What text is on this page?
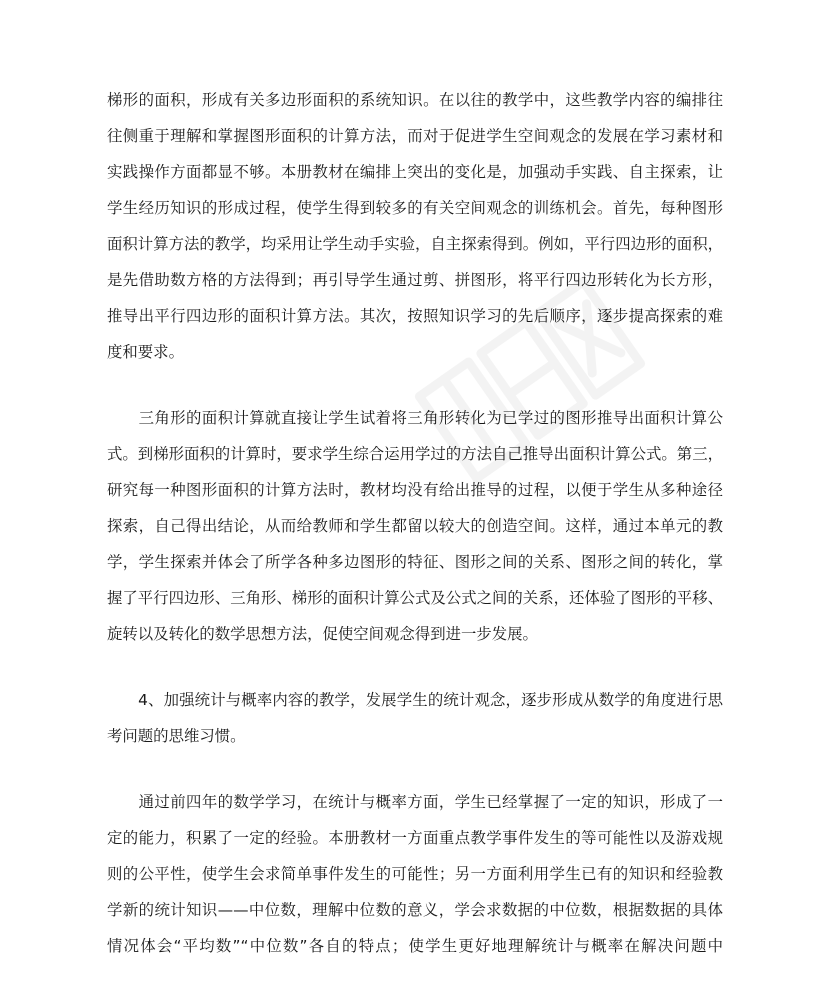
梯形的面积，形成有关多边形面积的系统知识。在以往的教学中，这些教学内容的编排往
往侧重于理解和掌握图形面积的计算方法，而对于促进学生空间观念的发展在学习素材和
实践操作方面都显不够。本册教材在编排上突出的变化是，加强动手实践、自主探索，让
学生经历知识的形成过程，使学生得到较多的有关空间观念的训练机会。首先，每种图形
面积计算方法的教学，均采用让学生动手实验，自主探索得到。例如，平行四边形的面积，
是先借助数方格的方法得到；再引导学生通过剪、拼图形，将平行四边形转化为长方形，
推导出平行四边形的面积计算方法。其次，按照知识学习的先后顺序，逐步提高探索的难
度和要求。
　　三角形的面积计算就直接让学生试着将三角形转化为已学过的图形推导出面积计算公
式。到梯形面积的计算时，要求学生综合运用学过的方法自己推导出面积计算公式。第三，
研究每一种图形面积的计算方法时，教材均没有给出推导的过程，以便于学生从多种途径
探索，自己得出结论，从而给教师和学生都留以较大的创造空间。这样，通过本单元的教
学，学生探索并体会了所学各种多边图形的特征、图形之间的关系、图形之间的转化，掌
握了平行四边形、三角形、梯形的面积计算公式及公式之间的关系，还体验了图形的平移、
旋转以及转化的数学思想方法，促使空间观念得到进一步发展。
　　4、加强统计与概率内容的教学，发展学生的统计观念，逐步形成从数学的角度进行思
考问题的思维习惯。
　　通过前四年的数学学习，在统计与概率方面，学生已经掌握了一定的知识，形成了一
定的能力，积累了一定的经验。本册教材一方面重点教学事件发生的等可能性以及游戏规
则的公平性，使学生会求简单事件发生的可能性；另一方面利用学生已有的知识和经验教
学新的统计知识——中位数，理解中位数的意义，学会求数据的中位数，根据数据的具体
情况体会“平均数”“中位数”各自的特点；使学生更好地理解统计与概率在解决问题中
